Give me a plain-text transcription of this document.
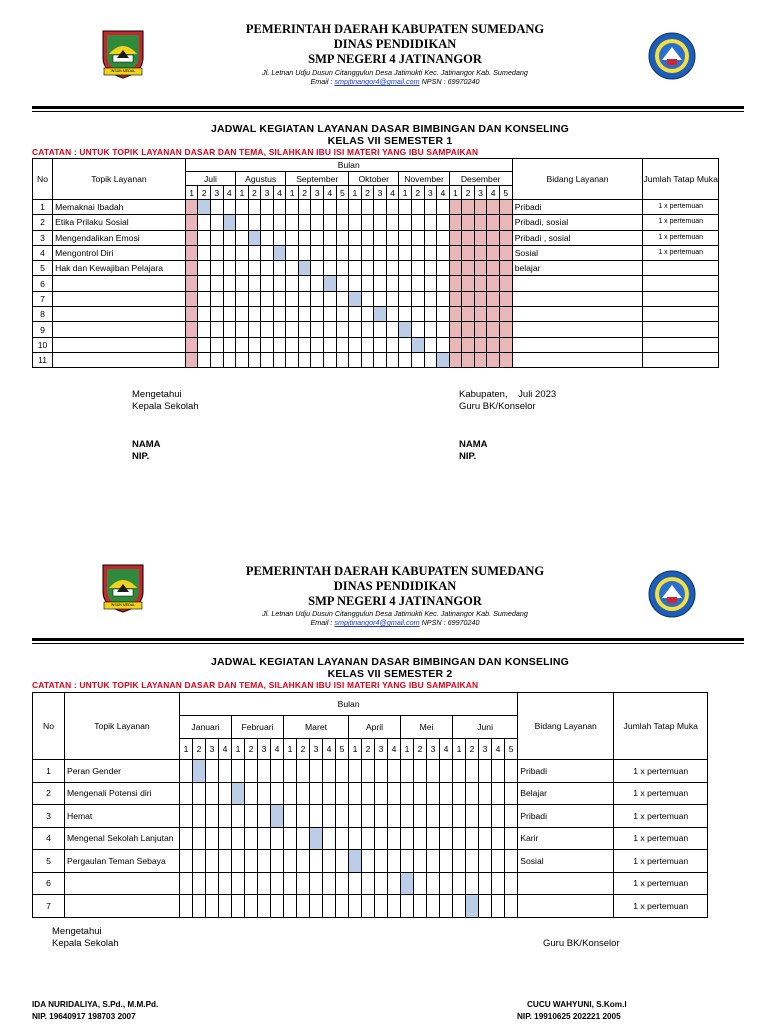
INSUN MEDAL
PEMERINTAH DAERAH KABUPATEN SUMEDANG
DINAS PENDIDIKAN
SMP NEGERI 4 JATINANGOR
Jl. Letnan Udju Dusun Citanggulun Desa Jatimukti Kec. Jatinangor Kab. Sumedang
Email : smpjtinangor4@gmail.com NPSN : 69970240
JADWAL KEGIATAN LAYANAN DASAR BIMBINGAN DAN KONSELING
KELAS VII SEMESTER 1
CATATAN : UNTUK TOPIK LAYANAN DASAR DAN TEMA, SILAHKAN IBU ISI MATERI YANG IBU SAMPAIKAN
No	Topik Layanan	Bulan																										Bidang Layanan	Jumlah Tatap Muka
		Juli				Agustus				September					Oktober				November				Desember						
		1	2	3	4	1	2	3	4	1	2	3	4	5	1	2	3	4	1	2	3	4	1	2	3	4	5		
1	Memaknai Ibadah																											Pribadi	1 x pertemuan
2	Etika Prilaku Sosial																											Pribadi, sosial	1 x pertemuan
3	Mengendalikan Emosi																											Pribadi , sosial	1 x pertemuan
4	Mengontrol Diri																											Sosial	1 x pertemuan
5	Hak dan Kewajiban Pelajara																											belajar	
6																													
7																													
8																													
9																													
10																													
11																													
Mengetahui
Kepala Sekolah
NAMA
NIP.
Kabupaten,    Juli 2023
Guru BK/Konselor
NAMA
NIP.
INSUN MEDAL
PEMERINTAH DAERAH KABUPATEN SUMEDANG
DINAS PENDIDIKAN
SMP NEGERI 4 JATINANGOR
Jl. Letnan Udju Dusun Citanggulun Desa Jatimukti Kec. Jatinangor Kab. Sumedang
Email : smpjtinangor4@gmail.com NPSN : 69970240
JADWAL KEGIATAN LAYANAN DASAR BIMBINGAN DAN KONSELING
KELAS VII SEMESTER 2
CATATAN : UNTUK TOPIK LAYANAN DASAR DAN TEMA, SILAHKAN IBU ISI MATERI YANG IBU SAMPAIKAN
No	Topik Layanan	Bulan																										Bidang Layanan	Jumlah Tatap Muka
		Januari				Februari				Maret					April				Mei				Juni						
		1	2	3	4	1	2	3	4	1	2	3	4	5	1	2	3	4	1	2	3	4	1	2	3	4	5		
1	Peran Gender																											Pribadi	1 x pertemuan
2	Mengenali Potensi diri																											Belajar	1 x pertemuan
3	Hemat																											Pribadi	1 x pertemuan
4	Mengenal Sekolah Lanjutan																											Karir	1 x pertemuan
5	Pergaulan Teman Sebaya																											Sosial	1 x pertemuan
6																													1 x pertemuan
7																													1 x pertemuan
Mengetahui
Kepala Sekolah	Guru BK/Konselor
IDA NURIDALIYA, S.Pd., M.M.Pd.
NIP. 19640917 198703 2007
CUCU WAHYUNI, S.Kom.I
NIP. 19910625 202221 2005
